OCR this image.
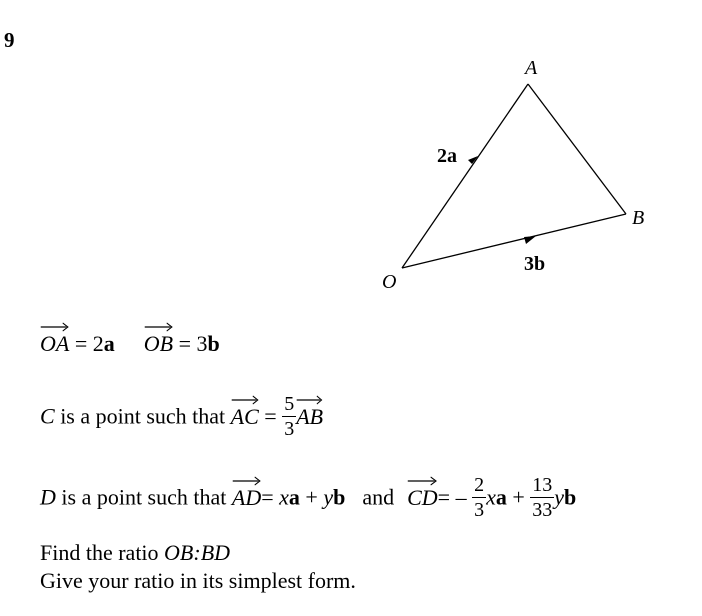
9
A
B
O
2a
3b
OA = 2a OB = 3b
C is a point such that
AC = $\frac{5}{3}$ AB
D is a point such that
AD= xa + yb and $CD= - \frac{2}{3}$ xa + $\frac{13}{33}$ yb
Find the ratio OB:BD
Give your ratio in its simplest form.
